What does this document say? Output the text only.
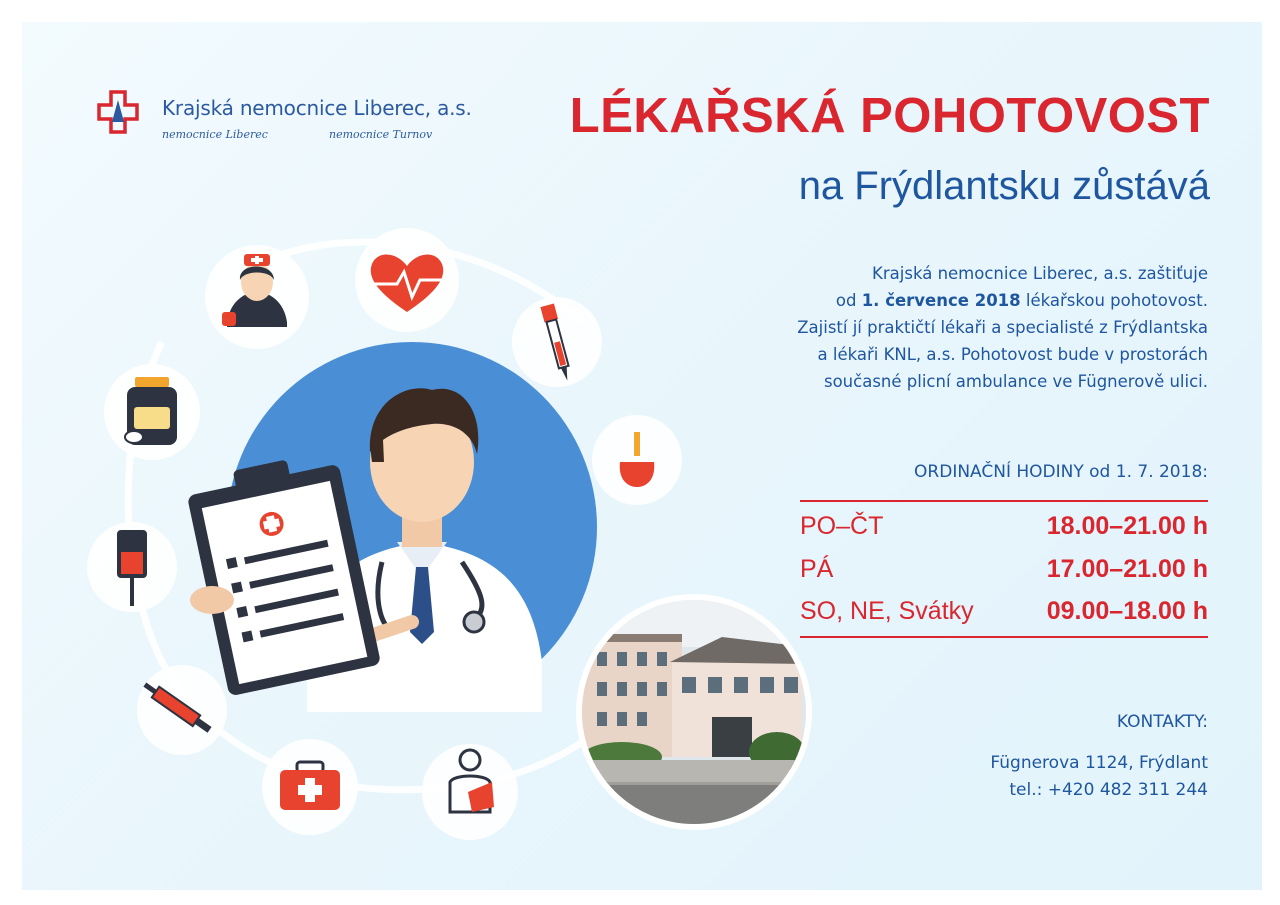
Krajská nemocnice Liberec, a.s.
nemocnice Liberec	nemocnice Turnov	LÉKAŘSKÁ POHOTOVOST
na Frýdlantsku zůstává
Krajská nemocnice Liberec, a.s. zaštiťuje
od 1. července 2018 lékařskou pohotovost.
Zajistí jí praktičtí lékaři a specialisté z Frýdlantska
a lékaři KNL, a.s. Pohotovost bude v prostorách
současné plicní ambulance ve Fügnerově ulici.
ORDINAČNÍ HODINY od 1. 7. 2018:
PO–ČT	18.00–21.00 h
PÁ	17.00–21.00 h
SO, NE, Svátky	09.00–18.00 h
KONTAKTY:
Fügnerova 1124, Frýdlant
tel.: +420 482 311 244
